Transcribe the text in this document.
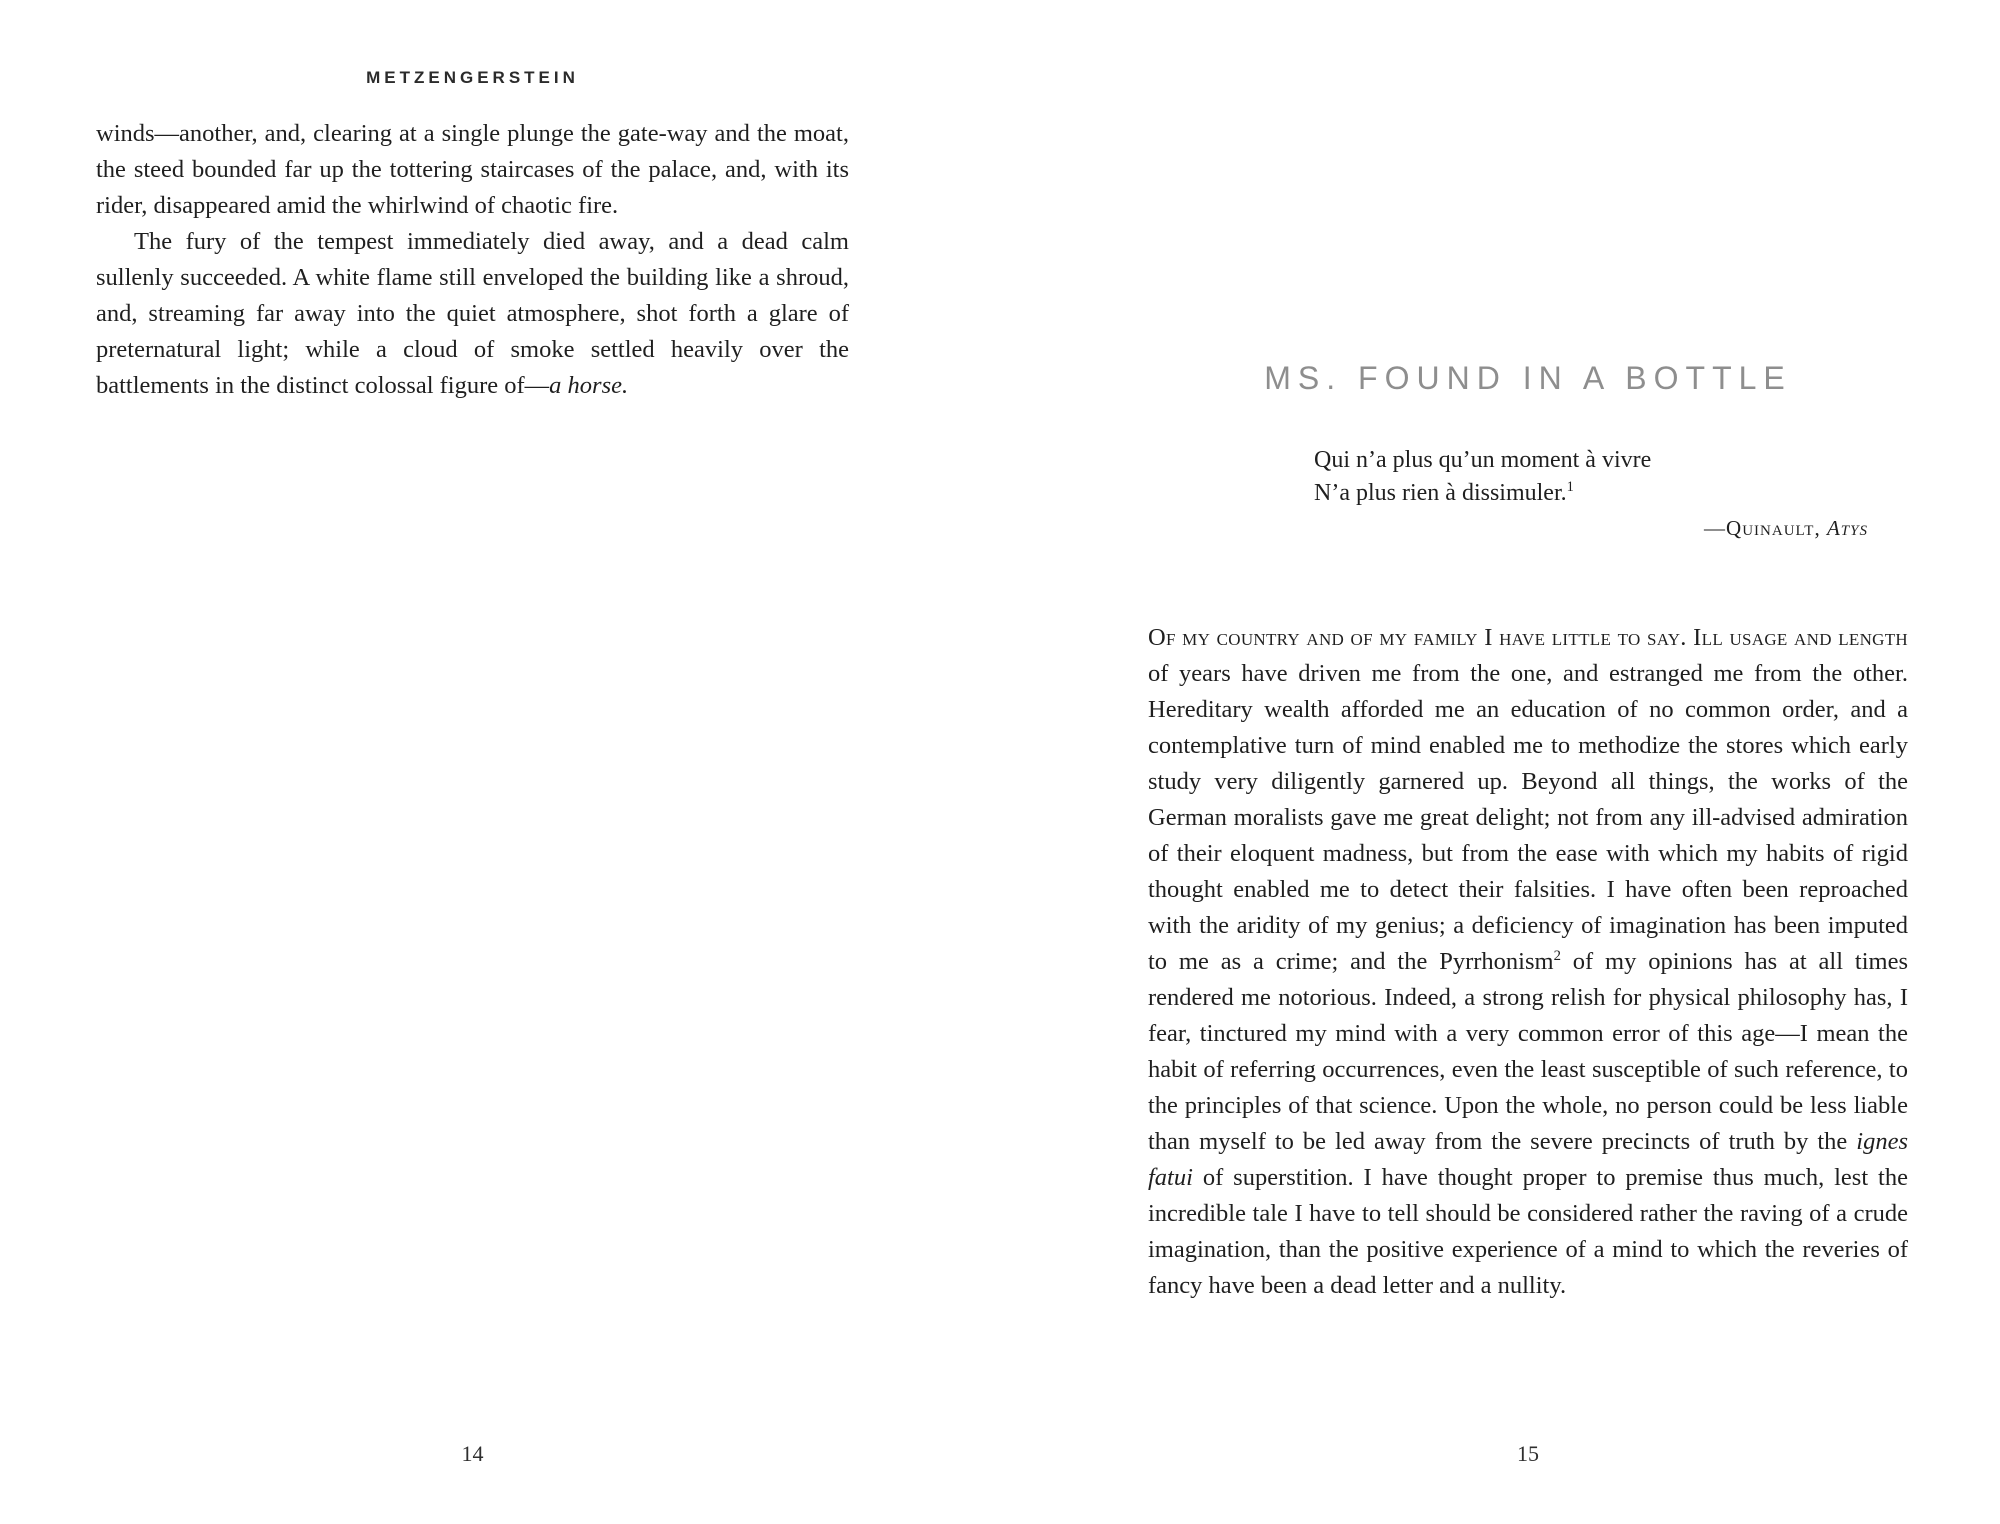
METZENGERSTEIN

winds—another, and, clearing at a single plunge the gate-way and the moat, the steed bounded far up the tottering staircases of the palace, and, with its rider, disappeared amid the whirlwind of chaotic fire.

The fury of the tempest immediately died away, and a dead calm sullenly succeeded. A white flame still enveloped the building like a shroud, and, streaming far away into the quiet atmosphere, shot forth a glare of preternatural light; while a cloud of smoke settled heavily over the battlements in the distinct colossal figure of—a horse.

14
MS. FOUND IN A BOTTLE
Qui n’a plus qu’un moment à vivre
N’a plus rien à dissimuler.$^1$
—Quinault, Atys

Of my country and of my family I have little to say. Ill usage and length of years have driven me from the one, and estranged me from the other. Hereditary wealth afforded me an education of no common order, and a contemplative turn of mind enabled me to methodize the stores which early study very diligently garnered up. Beyond all things, the works of the German moralists gave me great delight; not from any ill-advised admiration of their eloquent madness, but from the ease with which my habits of rigid thought enabled me to detect their falsities. I have often been reproached with the aridity of my genius; a deficiency of imagination has been imputed to me as a crime; and the Pyrrhonism$^2$ of my opinions has at all times rendered me notorious. Indeed, a strong relish for physical philosophy has, I fear, tinctured my mind with a very common error of this age—I mean the habit of referring occurrences, even the least susceptible of such reference, to the principles of that science. Upon the whole, no person could be less liable than myself to be led away from the severe precincts of truth by the ignes fatui of superstition. I have thought proper to premise thus much, lest the incredible tale I have to tell should be considered rather the raving of a crude imagination, than the positive experience of a mind to which the reveries of fancy have been a dead letter and a nullity.

15
